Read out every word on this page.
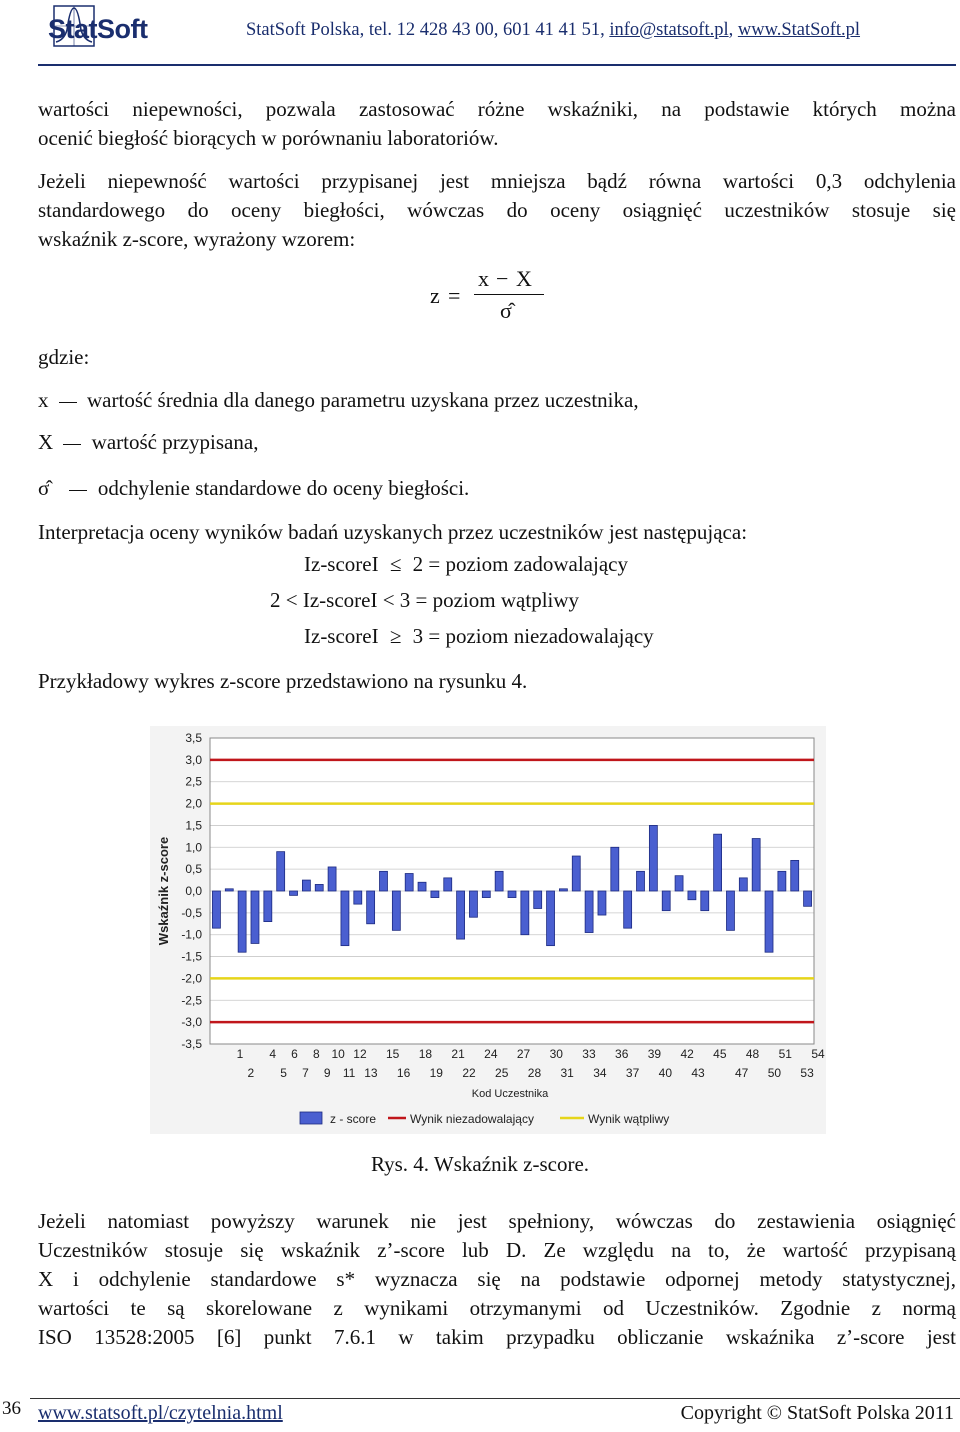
StatSoft	StatSoft Polska, tel. 12 428 43 00, 601 41 41 51, info@statsoft.pl, www.StatSoft.pl

wartości niepewności, pozwala zastosować różne wskaźniki, na podstawie których można

ocenić biegłość biorących w porównaniu laboratoriów.

Jeżeli niepewność wartości przypisanej jest mniejsza bądź równa wartości 0,3 odchylenia

standardowego do oceny biegłości, wówczas do oceny osiągnięć uczestników stosuje się

wskaźnik z-score, wyrażony wzorem:

z =
x − X
σ̂

gdzie:

x wartość średnia dla danego parametru uzyskana przez uczestnika,
X wartość przypisana,
σ̂ odchylenie standardowe do oceny biegłości.

Interpretacja oceny wyników badań uzyskanych przez uczestników jest następująca:

Iz-scoreI ≤ 2 = poziom zadowalający
2 < Iz-scoreI < 3 = poziom wątpliwy
Iz-scoreI ≥ 3 = poziom niezadowalający

Przykładowy wykres z-score przedstawiono na rysunku 4.

3,5
3,0
2,5
2,0
1,5
1,0
0,5
0,0
-0,5
-1,0
-1,5
-2,0
-2,5
-3,0
-3,5
1 4 6 8 10 12 15 18 21 24 27 30 33 36 39 42 45 48 51 54
2 5 7 9 11 13 16 19 22 25 28 31 34 37 40 43	47 50 53
Kod Uczestnika
Wskaźnik z-score
z - score	Wynik niezadowalający	Wynik wątpliwy
Rys. 4. Wskaźnik z-score.

Jeżeli natomiast powyższy warunek nie jest spełniony, wówczas do zestawienia osiągnięć

Uczestników stosuje się wskaźnik z’-score lub D. Ze względu na to, że wartość przypisaną

X i odchylenie standardowe s* wyznacza się na podstawie odpornej metody statystycznej,

wartości te są skorelowane z wynikami otrzymanymi od Uczestników. Zgodnie z normą

ISO 13528:2005 [6] punkt 7.6.1 w takim przypadku obliczanie wskaźnika z’-score jest

36 www.statsoft.pl/czytelnia.html	Copyright © StatSoft Polska 2011
